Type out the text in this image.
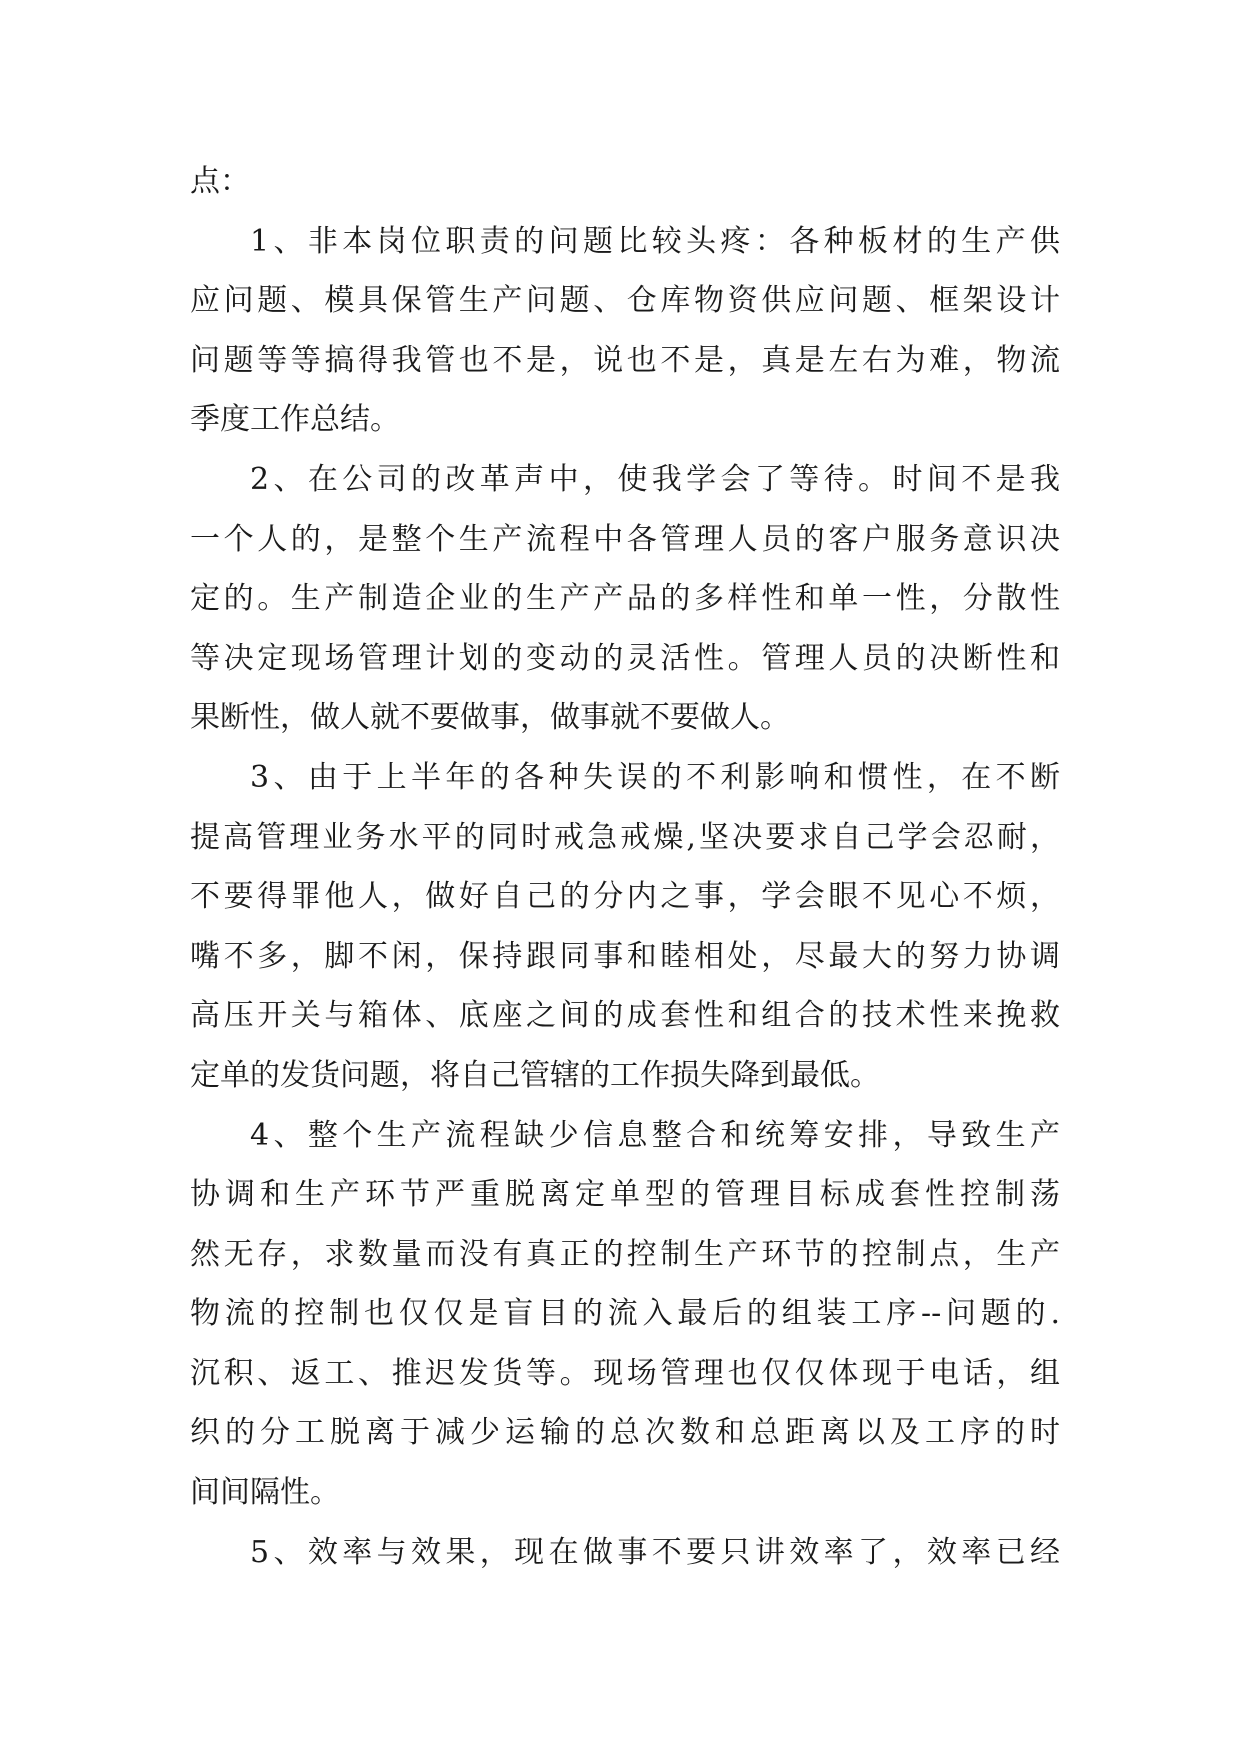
点：
1、非本岗位职责的问题比较头疼：各种板材的生产供
应问题、模具保管生产问题、仓库物资供应问题、框架设计
问题等等搞得我管也不是，说也不是，真是左右为难，物流
季度工作总结。
2、在公司的改革声中，使我学会了等待。时间不是我
一个人的，是整个生产流程中各管理人员的客户服务意识决
定的。生产制造企业的生产产品的多样性和单一性，分散性
等决定现场管理计划的变动的灵活性。管理人员的决断性和
果断性，做人就不要做事，做事就不要做人。
3、由于上半年的各种失误的不利影响和惯性，在不断
提高管理业务水平的同时戒急戒燥,坚决要求自己学会忍耐，
不要得罪他人，做好自己的分内之事，学会眼不见心不烦，
嘴不多，脚不闲，保持跟同事和睦相处，尽最大的努力协调
高压开关与箱体、底座之间的成套性和组合的技术性来挽救
定单的发货问题，将自己管辖的工作损失降到最低。
4、整个生产流程缺少信息整合和统筹安排，导致生产
协调和生产环节严重脱离定单型的管理目标成套性控制荡
然无存，求数量而没有真正的控制生产环节的控制点，生产
物流的控制也仅仅是盲目的流入最后的组装工序--问题的.
沉积、返工、推迟发货等。现场管理也仅仅体现于电话，组
织的分工脱离于减少运输的总次数和总距离以及工序的时
间间隔性。
5、效率与效果，现在做事不要只讲效率了，效率已经
